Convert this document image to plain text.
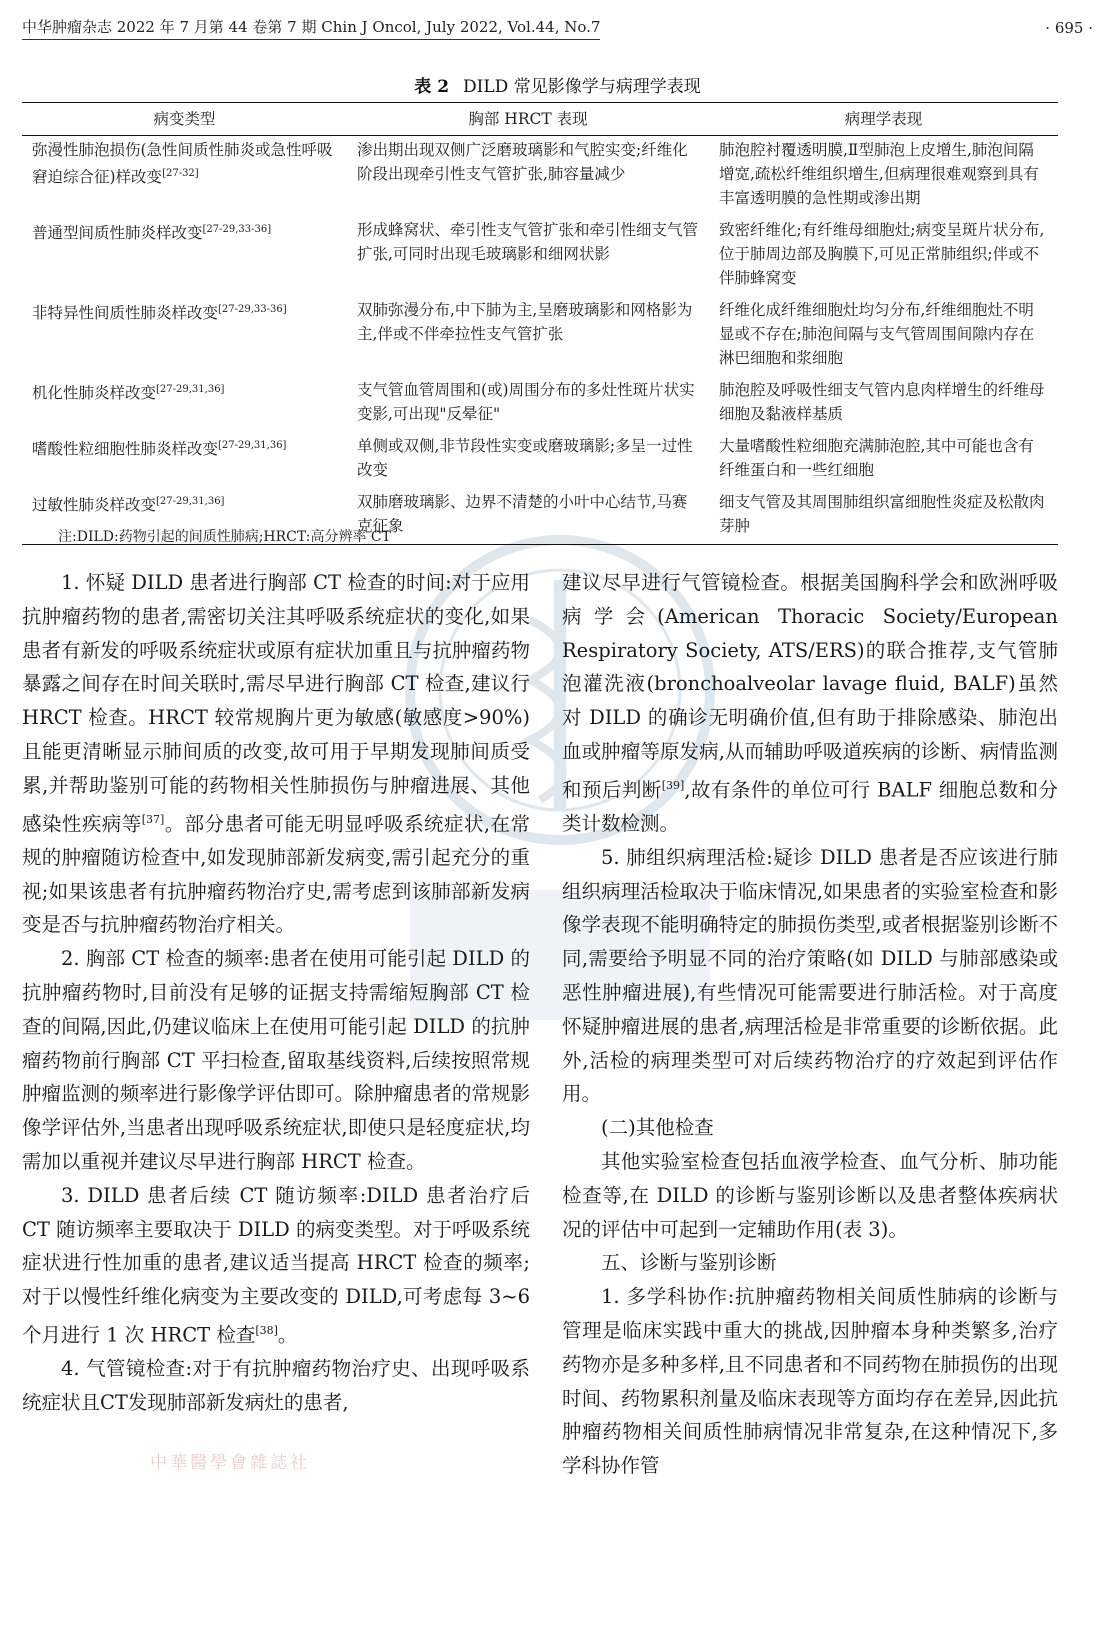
中华肿瘤杂志 2022 年 7 月第 44 卷第 7 期 Chin J Oncol, July 2022, Vol.44, No.7	· 695 ·
表 2 DILD 常见影像学与病理学表现
病变类型	胸部 HRCT 表现	病理学表现
弥漫性肺泡损伤(急性间质性肺炎或急性呼吸窘迫综合征)样改变[27-32]	渗出期出现双侧广泛磨玻璃影和气腔实变;纤维化阶段出现牵引性支气管扩张,肺容量减少	肺泡腔衬覆透明膜,Ⅱ型肺泡上皮增生,肺泡间隔增宽,疏松纤维组织增生,但病理很难观察到具有丰富透明膜的急性期或渗出期
普通型间质性肺炎样改变[27-29,33-36]	形成蜂窝状、牵引性支气管扩张和牵引性细支气管扩张,可同时出现毛玻璃影和细网状影	致密纤维化;有纤维母细胞灶;病变呈斑片状分布,位于肺周边部及胸膜下,可见正常肺组织;伴或不伴肺蜂窝变
非特异性间质性肺炎样改变[27-29,33-36]	双肺弥漫分布,中下肺为主,呈磨玻璃影和网格影为主,伴或不伴牵拉性支气管扩张	纤维化成纤维细胞灶均匀分布,纤维细胞灶不明显或不存在;肺泡间隔与支气管周围间隙内存在淋巴细胞和浆细胞
机化性肺炎样改变[27-29,31,36]	支气管血管周围和(或)周围分布的多灶性斑片状实变影,可出现"反晕征"	肺泡腔及呼吸性细支气管内息肉样增生的纤维母细胞及黏液样基质
嗜酸性粒细胞性肺炎样改变[27-29,31,36]	单侧或双侧,非节段性实变或磨玻璃影;多呈一过性改变	大量嗜酸性粒细胞充满肺泡腔,其中可能也含有纤维蛋白和一些红细胞
过敏性肺炎样改变[27-29,31,36]	双肺磨玻璃影、边界不清楚的小叶中心结节,马赛克征象	细支气管及其周围肺组织富细胞性炎症及松散肉芽肿
注:DILD:药物引起的间质性肺病;HRCT:高分辨率 CT

1. 怀疑 DILD 患者进行胸部 CT 检查的时间:对于应用抗肿瘤药物的患者,需密切关注其呼吸系统症状的变化,如果患者有新发的呼吸系统症状或原有症状加重且与抗肿瘤药物暴露之间存在时间关联时,需尽早进行胸部 CT 检查,建议行 HRCT 检查。HRCT 较常规胸片更为敏感(敏感度>90%)且能更清晰显示肺间质的改变,故可用于早期发现肺间质受累,并帮助鉴别可能的药物相关性肺损伤与肿瘤进展、其他感染性疾病等[37]。部分患者可能无明显呼吸系统症状,在常规的肿瘤随访检查中,如发现肺部新发病变,需引起充分的重视;如果该患者有抗肿瘤药物治疗史,需考虑到该肺部新发病变是否与抗肿瘤药物治疗相关。

2. 胸部 CT 检查的频率:患者在使用可能引起 DILD 的抗肿瘤药物时,目前没有足够的证据支持需缩短胸部 CT 检查的间隔,因此,仍建议临床上在使用可能引起 DILD 的抗肿瘤药物前行胸部 CT 平扫检查,留取基线资料,后续按照常规肿瘤监测的频率进行影像学评估即可。除肿瘤患者的常规影像学评估外,当患者出现呼吸系统症状,即使只是轻度症状,均需加以重视并建议尽早进行胸部 HRCT 检查。

3. DILD 患者后续 CT 随访频率:DILD 患者治疗后 CT 随访频率主要取决于 DILD 的病变类型。对于呼吸系统症状进行性加重的患者,建议适当提高 HRCT 检查的频率;对于以慢性纤维化病变为主要改变的 DILD,可考虑每 3~6 个月进行 1 次 HRCT 检查[38]。

4. 气管镜检查:对于有抗肿瘤药物治疗史、出现呼吸系统症状且CT发现肺部新发病灶的患者,

建议尽早进行气管镜检查。根据美国胸科学会和欧洲呼吸病学会(American Thoracic Society/European Respiratory Society, ATS/ERS)的联合推荐,支气管肺泡灌洗液(bronchoalveolar lavage fluid, BALF)虽然对 DILD 的确诊无明确价值,但有助于排除感染、肺泡出血或肿瘤等原发病,从而辅助呼吸道疾病的诊断、病情监测和预后判断[39],故有条件的单位可行 BALF 细胞总数和分类计数检测。

5. 肺组织病理活检:疑诊 DILD 患者是否应该进行肺组织病理活检取决于临床情况,如果患者的实验室检查和影像学表现不能明确特定的肺损伤类型,或者根据鉴别诊断不同,需要给予明显不同的治疗策略(如 DILD 与肺部感染或恶性肿瘤进展),有些情况可能需要进行肺活检。对于高度怀疑肿瘤进展的患者,病理活检是非常重要的诊断依据。此外,活检的病理类型可对后续药物治疗的疗效起到评估作用。

(二)其他检查

其他实验室检查包括血液学检查、血气分析、肺功能检查等,在 DILD 的诊断与鉴别诊断以及患者整体疾病状况的评估中可起到一定辅助作用(表 3)。

五、诊断与鉴别诊断

1. 多学科协作:抗肿瘤药物相关间质性肺病的诊断与管理是临床实践中重大的挑战,因肿瘤本身种类繁多,治疗药物亦是多种多样,且不同患者和不同药物在肺损伤的出现时间、药物累积剂量及临床表现等方面均存在差异,因此抗肿瘤药物相关间质性肺病情况非常复杂,在这种情况下,多学科协作管

中華醫學會雜誌社
